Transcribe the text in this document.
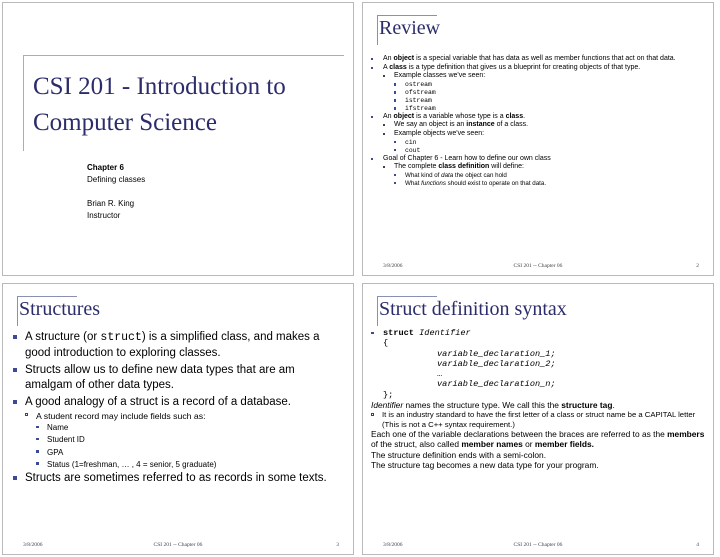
CSI 201 - Introduction to
Computer Science
Chapter 6
Defining classes
Brian R. King
Instructor
Review
An object is a special variable that has data as well as member functions that act on that data.
A class is a type definition that gives us a blueprint for creating objects of that type.
Example classes we've seen:
ostream
ofstream
istream
ifstream
An object is a variable whose type is a class.
We say an object is an instance of a class.
Example objects we've seen:
cin
cout
Goal of Chapter 6 - Learn how to define our own class
The complete class definition will define:
What kind of data the object can hold
What functions should exist to operate on that data.
3/8/2006	CSI 201 -- Chapter 06	2
Structures
A structure (or struct) is a simplified class, and makes a good introduction to exploring classes.
Structs allow us to define new data types that are am amalgam of other data types.
A good analogy of a struct is a record of a database.
A student record may include fields such as:
Name
Student ID
GPA
Status (1=freshman, … , 4 = senior, 5 graduate)
Structs are sometimes referred to as records in some texts.
3/8/2006	CSI 201 -- Chapter 06	3
Struct definition syntax
struct Identifier
{
variable_declaration_1;
variable_declaration_2;
…
variable_declaration_n;
};
Identifier names the structure type. We call this the structure tag.
It is an industry standard to have the first letter of a class or struct name be a CAPITAL letter (This is not a C++ syntax requirement.)
Each one of the variable declarations between the braces are referred to as the members of the struct, also called member names or member fields.
The structure definition ends with a semi-colon.
The structure tag becomes a new data type for your program.
3/8/2006	CSI 201 -- Chapter 06	4
